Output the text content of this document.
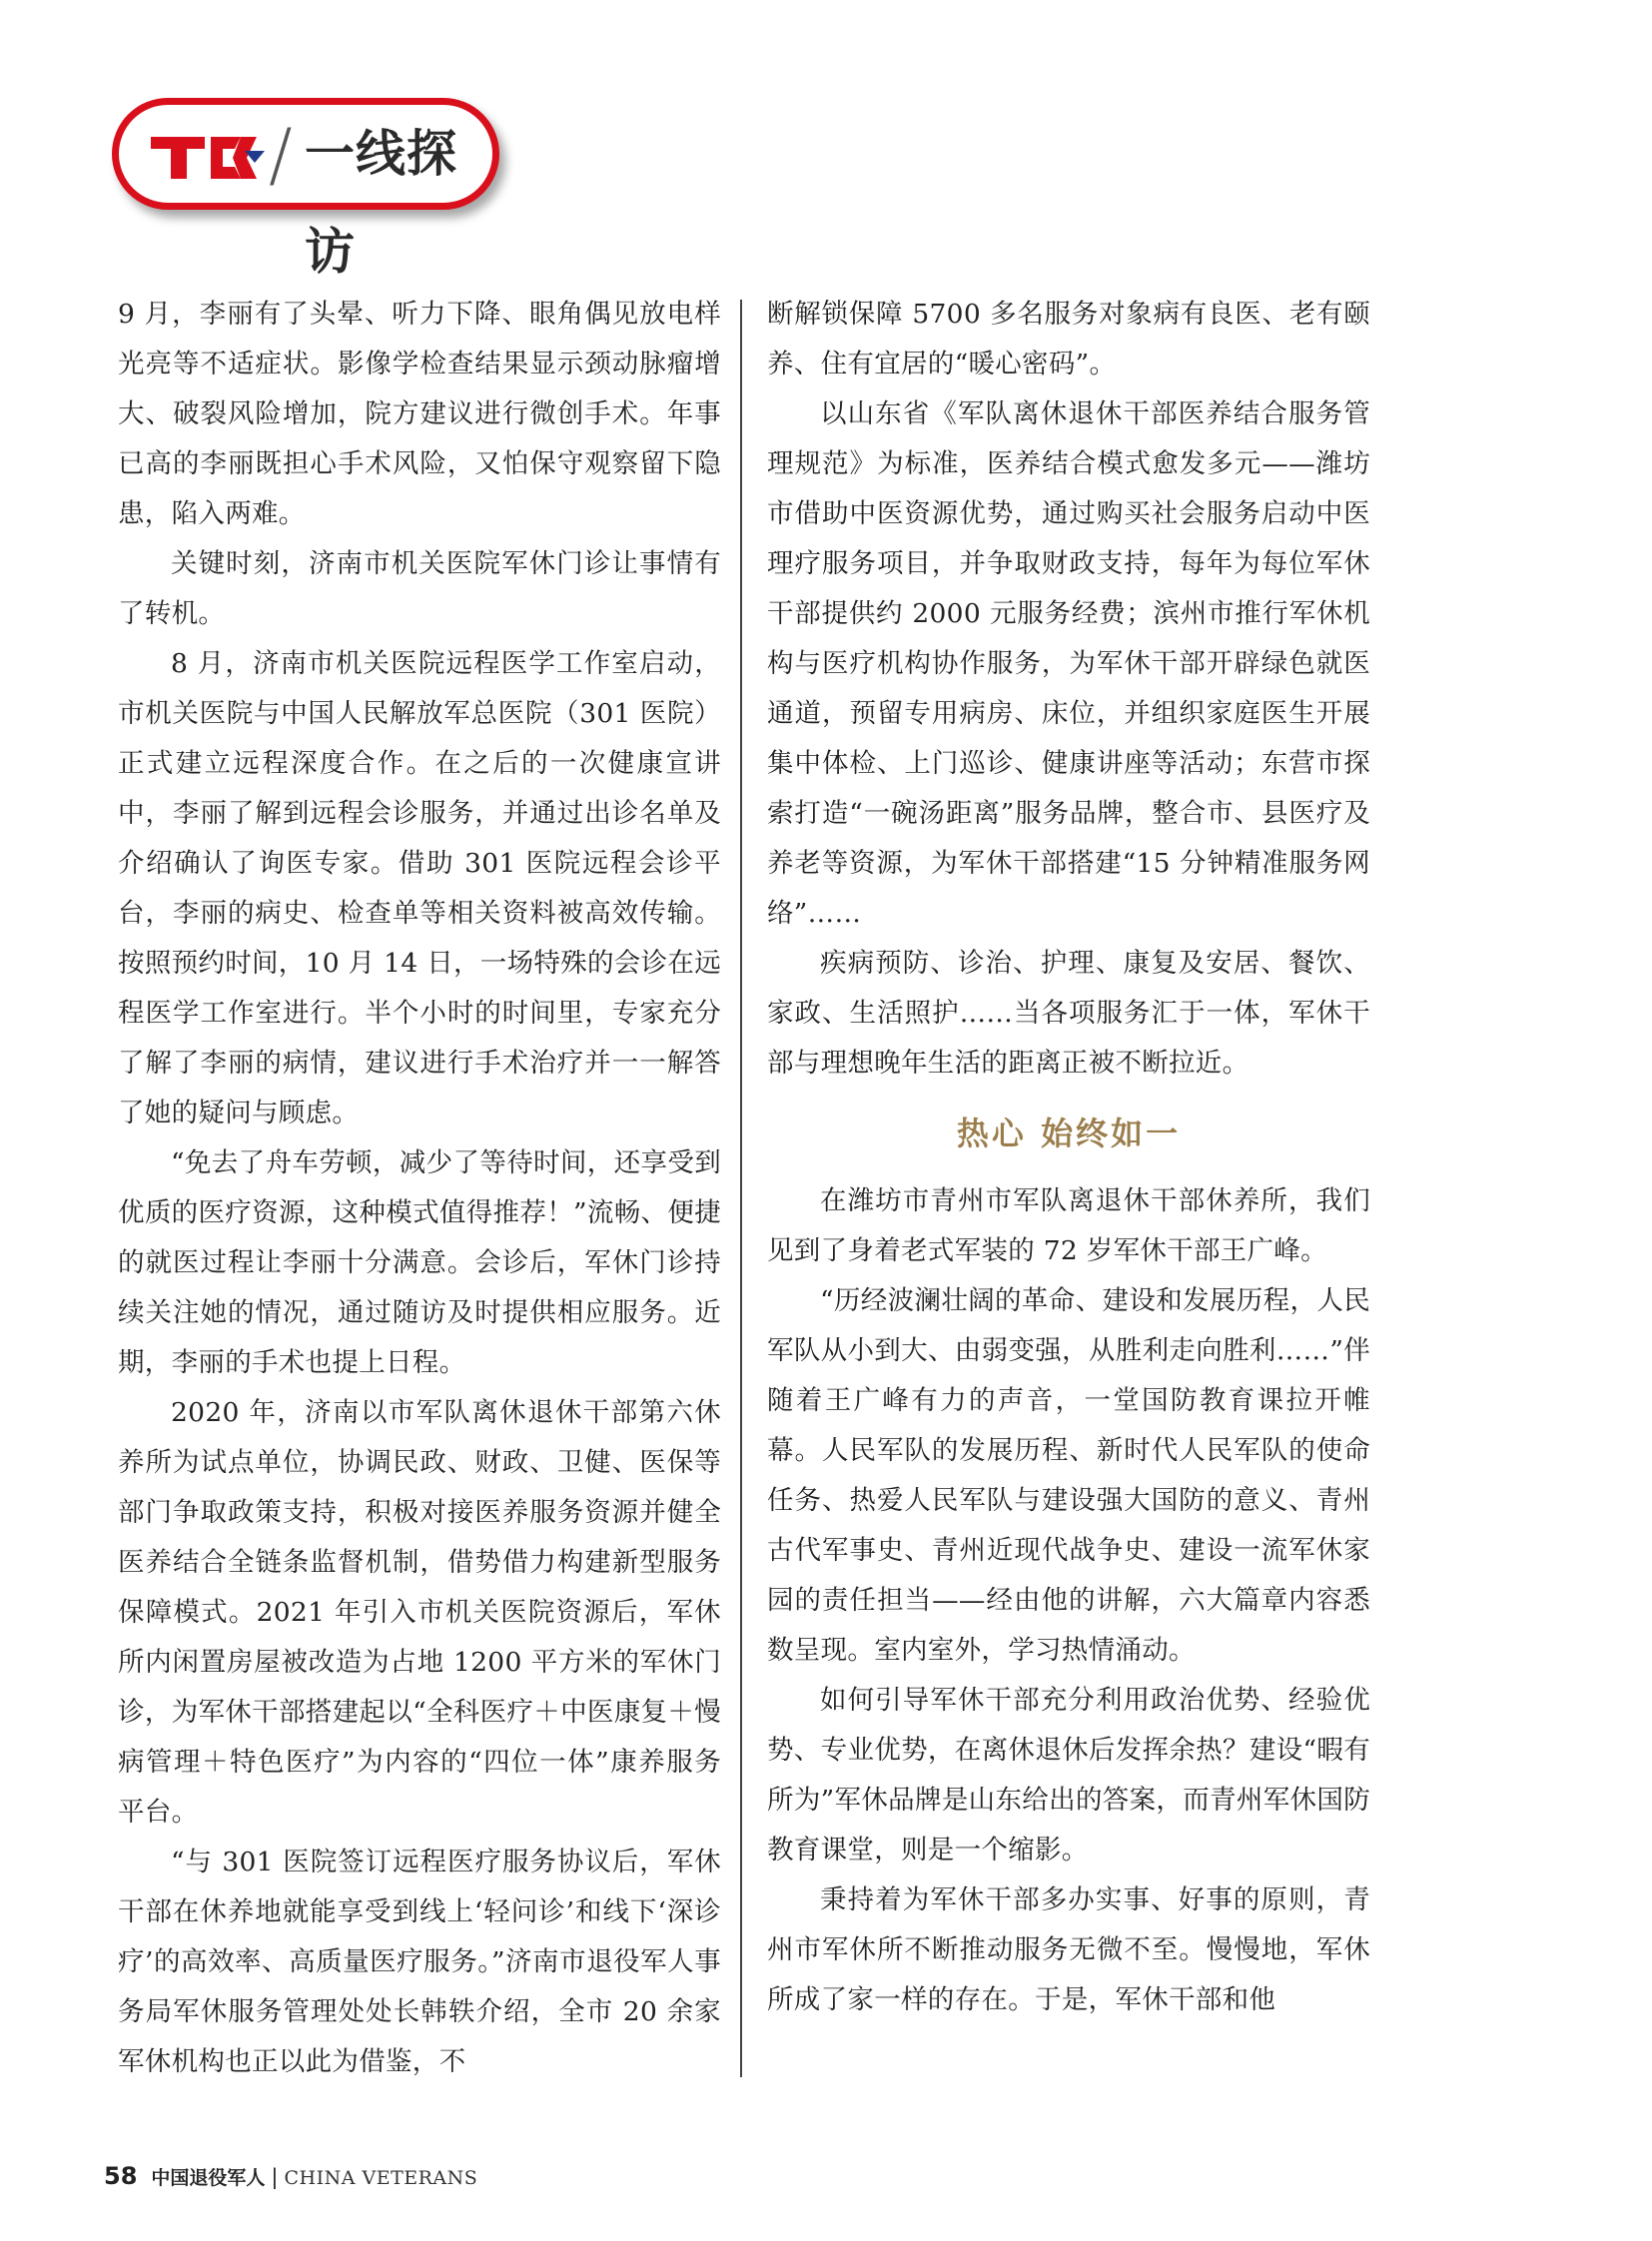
/ 一线探访

9 月，李丽有了头晕、听力下降、眼角偶见放电样光亮等不适症状。影像学检查结果显示颈动脉瘤增大、破裂风险增加，院方建议进行微创手术。年事已高的李丽既担心手术风险，又怕保守观察留下隐患，陷入两难。

关键时刻，济南市机关医院军休门诊让事情有了转机。

8 月，济南市机关医院远程医学工作室启动，市机关医院与中国人民解放军总医院（301 医院）正式建立远程深度合作。在之后的一次健康宣讲中，李丽了解到远程会诊服务，并通过出诊名单及介绍确认了询医专家。借助 301 医院远程会诊平台，李丽的病史、检查单等相关资料被高效传输。按照预约时间，10 月 14 日，一场特殊的会诊在远程医学工作室进行。半个小时的时间里，专家充分了解了李丽的病情，建议进行手术治疗并一一解答了她的疑问与顾虑。

“免去了舟车劳顿，减少了等待时间，还享受到优质的医疗资源，这种模式值得推荐！”流畅、便捷的就医过程让李丽十分满意。会诊后，军休门诊持续关注她的情况，通过随访及时提供相应服务。近期，李丽的手术也提上日程。

2020 年，济南以市军队离休退休干部第六休养所为试点单位，协调民政、财政、卫健、医保等部门争取政策支持，积极对接医养服务资源并健全医养结合全链条监督机制，借势借力构建新型服务保障模式。2021 年引入市机关医院资源后，军休所内闲置房屋被改造为占地 1200 平方米的军休门诊，为军休干部搭建起以“全科医疗＋中医康复＋慢病管理＋特色医疗”为内容的“四位一体”康养服务平台。

“与 301 医院签订远程医疗服务协议后，军休干部在休养地就能享受到线上‘轻问诊’和线下‘深诊疗’的高效率、高质量医疗服务。”济南市退役军人事务局军休服务管理处处长韩轶介绍，全市 20 余家军休机构也正以此为借鉴，不

断解锁保障 5700 多名服务对象病有良医、老有颐养、住有宜居的“暖心密码”。

以山东省《军队离休退休干部医养结合服务管理规范》为标准，医养结合模式愈发多元——潍坊市借助中医资源优势，通过购买社会服务启动中医理疗服务项目，并争取财政支持，每年为每位军休干部提供约 2000 元服务经费；滨州市推行军休机构与医疗机构协作服务，为军休干部开辟绿色就医通道，预留专用病房、床位，并组织家庭医生开展集中体检、上门巡诊、健康讲座等活动；东营市探索打造“一碗汤距离”服务品牌，整合市、县医疗及养老等资源，为军休干部搭建“15 分钟精准服务网络”……

疾病预防、诊治、护理、康复及安居、餐饮、家政、生活照护……当各项服务汇于一体，军休干部与理想晚年生活的距离正被不断拉近。

热心 始终如一

在潍坊市青州市军队离退休干部休养所，我们见到了身着老式军装的 72 岁军休干部王广峰。

“历经波澜壮阔的革命、建设和发展历程，人民军队从小到大、由弱变强，从胜利走向胜利……”伴随着王广峰有力的声音，一堂国防教育课拉开帷幕。人民军队的发展历程、新时代人民军队的使命任务、热爱人民军队与建设强大国防的意义、青州古代军事史、青州近现代战争史、建设一流军休家园的责任担当——经由他的讲解，六大篇章内容悉数呈现。室内室外，学习热情涌动。

如何引导军休干部充分利用政治优势、经验优势、专业优势，在离休退休后发挥余热？建设“暇有所为”军休品牌是山东给出的答案，而青州军休国防教育课堂，则是一个缩影。

秉持着为军休干部多办实事、好事的原则，青州市军休所不断推动服务无微不至。慢慢地，军休所成了家一样的存在。于是，军休干部和他

58 中国退役军人 | CHINA VETERANS
